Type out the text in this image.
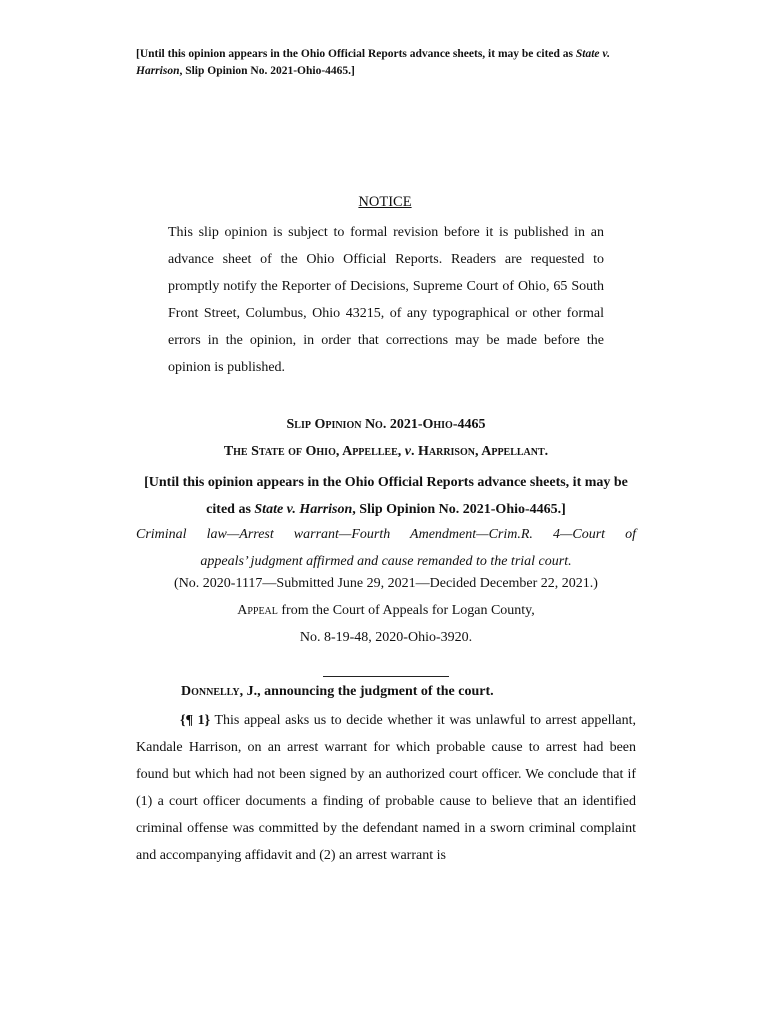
[Until this opinion appears in the Ohio Official Reports advance sheets, it may be cited as State v. Harrison, Slip Opinion No. 2021-Ohio-4465.]
NOTICE
This slip opinion is subject to formal revision before it is published in an advance sheet of the Ohio Official Reports. Readers are requested to promptly notify the Reporter of Decisions, Supreme Court of Ohio, 65 South Front Street, Columbus, Ohio 43215, of any typographical or other formal errors in the opinion, in order that corrections may be made before the opinion is published.
Slip Opinion No. 2021-Ohio-4465
The State of Ohio, Appellee, v. Harrison, Appellant.
[Until this opinion appears in the Ohio Official Reports advance sheets, it may be cited as State v. Harrison, Slip Opinion No. 2021-Ohio-4465.]
Criminal law—Arrest warrant—Fourth Amendment—Crim.R. 4—Court of
appeals’ judgment affirmed and cause remanded to the trial court.
(No. 2020-1117—Submitted June 29, 2021—Decided December 22, 2021.)
Appeal from the Court of Appeals for Logan County,
No. 8-19-48, 2020-Ohio-3920.
Donnelly, J., announcing the judgment of the court.
{¶ 1} This appeal asks us to decide whether it was unlawful to arrest appellant, Kandale Harrison, on an arrest warrant for which probable cause to arrest had been found but which had not been signed by an authorized court officer. We conclude that if (1) a court officer documents a finding of probable cause to believe that an identified criminal offense was committed by the defendant named in a sworn criminal complaint and accompanying affidavit and (2) an arrest warrant is
